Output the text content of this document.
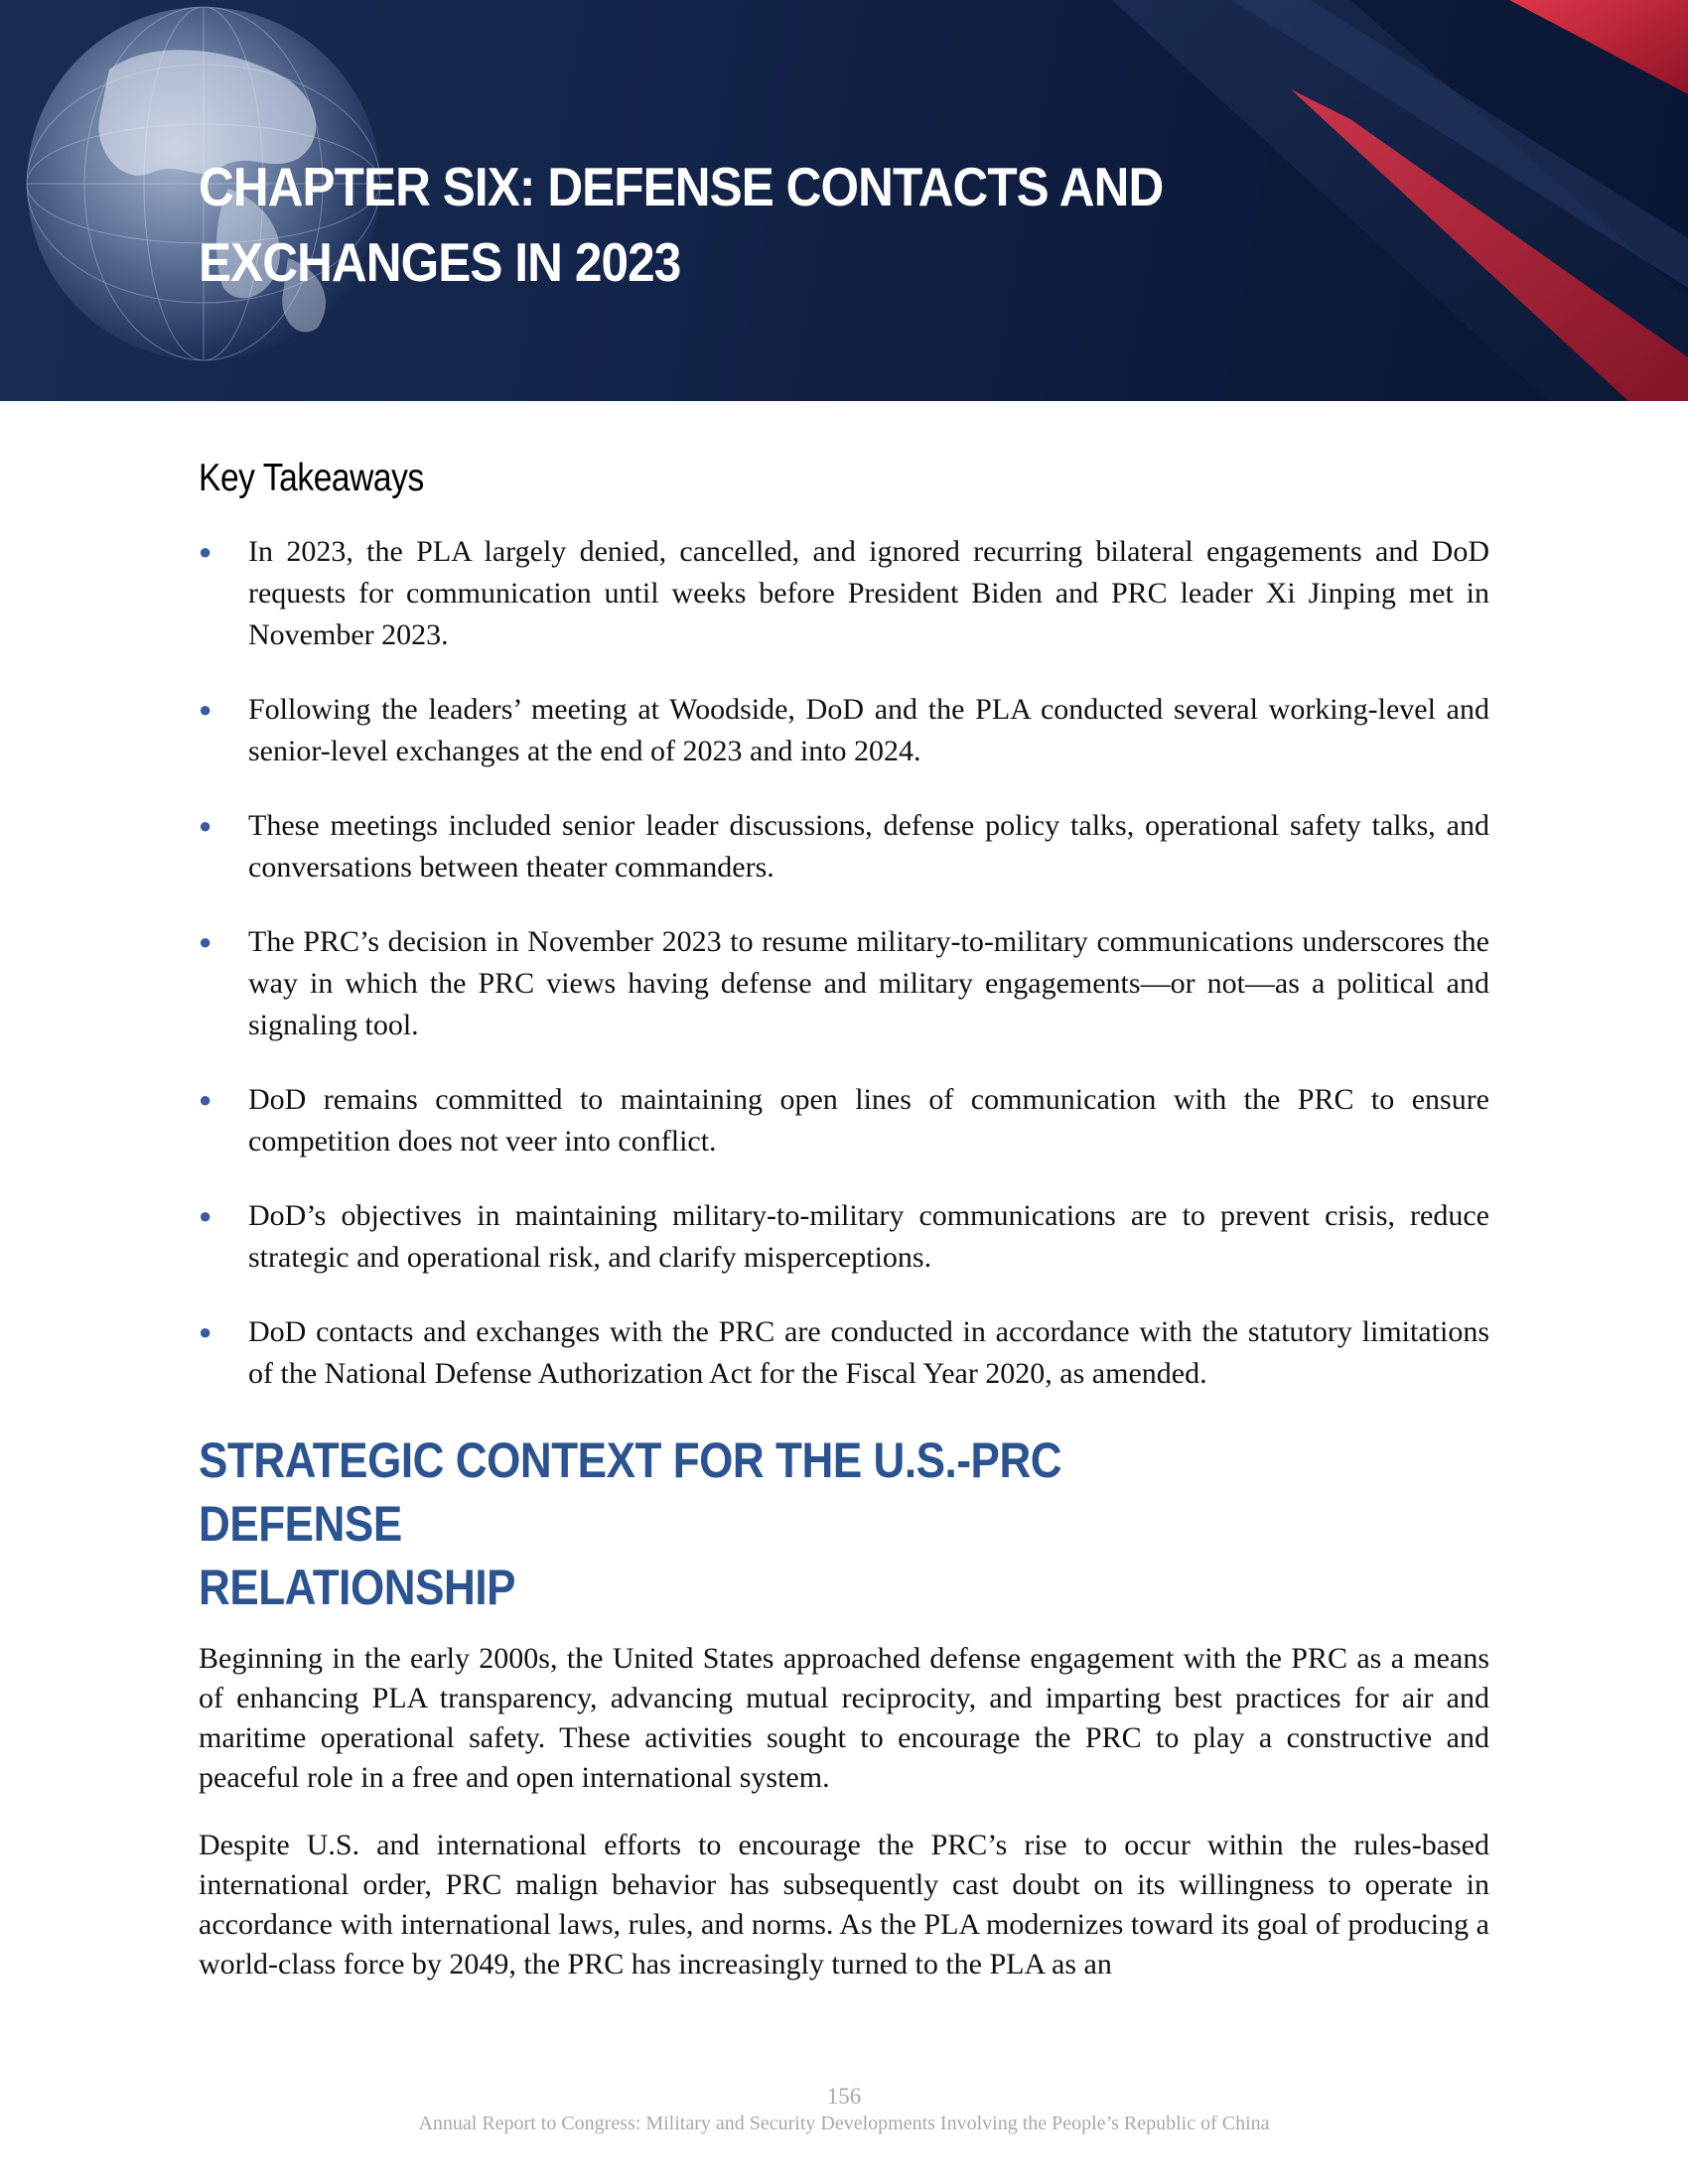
CHAPTER SIX: DEFENSE CONTACTS AND
EXCHANGES IN 2023
Key Takeaways
● In 2023, the PLA largely denied, cancelled, and ignored recurring bilateral engagements and DoD requests for communication until weeks before President Biden and PRC leader Xi Jinping met in November 2023.
● Following the leaders’ meeting at Woodside, DoD and the PLA conducted several working-level and senior-level exchanges at the end of 2023 and into 2024.
● These meetings included senior leader discussions, defense policy talks, operational safety talks, and conversations between theater commanders.
● The PRC’s decision in November 2023 to resume military-to-military communications underscores the way in which the PRC views having defense and military engagements—or not—as a political and signaling tool.
● DoD remains committed to maintaining open lines of communication with the PRC to ensure competition does not veer into conflict.
● DoD’s objectives in maintaining military-to-military communications are to prevent crisis, reduce strategic and operational risk, and clarify misperceptions.
● DoD contacts and exchanges with the PRC are conducted in accordance with the statutory limitations of the National Defense Authorization Act for the Fiscal Year 2020, as amended.
STRATEGIC CONTEXT FOR THE U.S.-PRC DEFENSE
RELATIONSHIP

Beginning in the early 2000s, the United States approached defense engagement with the PRC as a means of enhancing PLA transparency, advancing mutual reciprocity, and imparting best practices for air and maritime operational safety. These activities sought to encourage the PRC to play a constructive and peaceful role in a free and open international system.

Despite U.S. and international efforts to encourage the PRC’s rise to occur within the rules-based international order, PRC malign behavior has subsequently cast doubt on its willingness to operate in accordance with international laws, rules, and norms. As the PLA modernizes toward its goal of producing a world-class force by 2049, the PRC has increasingly turned to the PLA as an

156
Annual Report to Congress: Military and Security Developments Involving the People’s Republic of China
